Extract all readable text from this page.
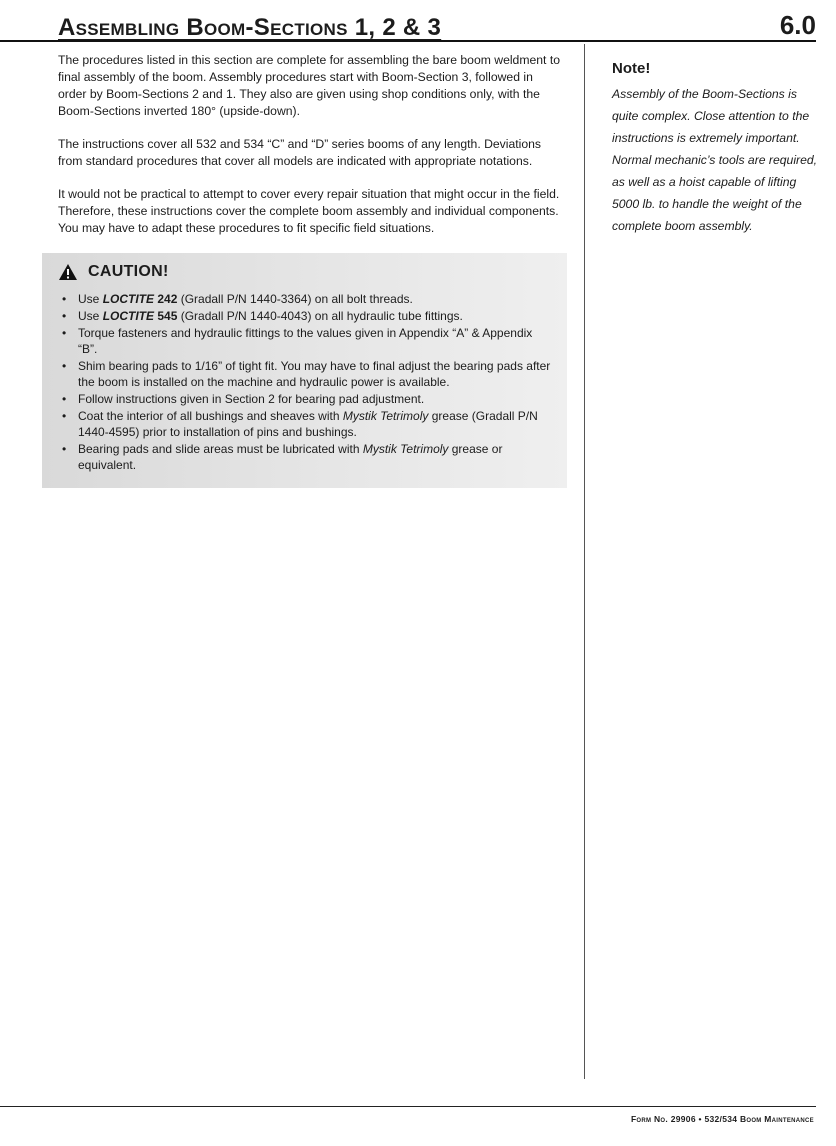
Assembling Boom-Sections 1, 2 & 3	6.0

The procedures listed in this section are complete for assembling the bare boom weldment to final assembly of the boom. Assembly procedures start with Boom-Section 3, followed in order by Boom-Sections 2 and 1. They also are given using shop conditions only, with the Boom-Sections inverted 180° (upside-down).

The instructions cover all 532 and 534 “C” and “D” series booms of any length. Deviations from standard procedures that cover all models are indicated with appropriate notations.

It would not be practical to attempt to cover every repair situation that might occur in the field. Therefore, these instructions cover the complete boom assembly and individual components. You may have to adapt these procedures to fit specific field situations.

CAUTION!
• Use LOCTITE 242 (Gradall P/N 1440-3364) on all bolt threads.
• Use LOCTITE 545 (Gradall P/N 1440-4043) on all hydraulic tube fittings.
• Torque fasteners and hydraulic fittings to the values given in Appendix “A” & Appendix “B”.
• Shim bearing pads to 1/16” of tight fit. You may have to final adjust the bearing pads after the boom is installed on the machine and hydraulic power is available.
• Follow instructions given in Section 2 for bearing pad adjustment.
• Coat the interior of all bushings and sheaves with Mystik Tetrimoly grease (Gradall P/N 1440-4595) prior to installation of pins and bushings.
• Bearing pads and slide areas must be lubricated with Mystik Tetrimoly grease or equivalent.
Note!

Assembly of the Boom-Sections is quite complex. Close attention to the instructions is extremely important. Normal mechanic’s tools are required, as well as a hoist capable of lifting 5000 lb. to handle the weight of the complete boom assembly.

Form No. 29906 • 532/534 Boom Maintenance
